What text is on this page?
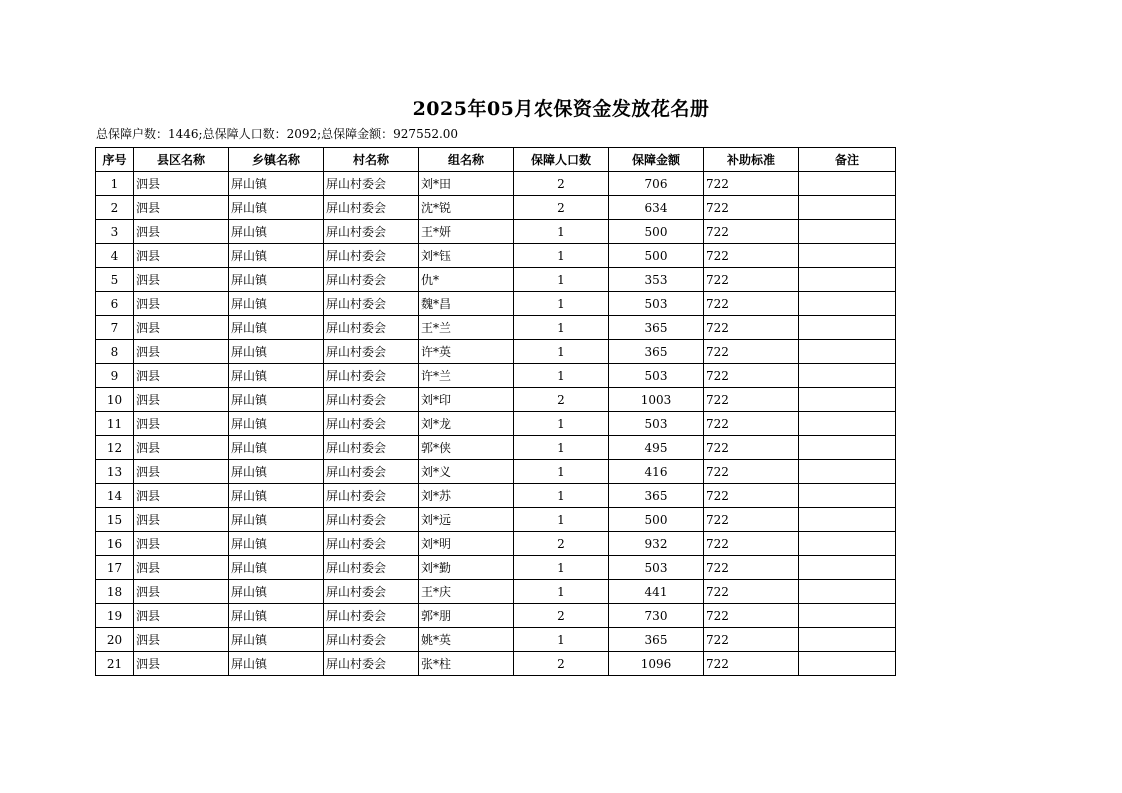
2025年05月农保资金发放花名册
总保障户数：1446;总保障人口数：2092;总保障金额：927552.00
序号	县区名称	乡镇名称	村名称	组名称	保障人口数	保障金额	补助标准	备注
1	泗县	屏山镇	屏山村委会	刘*田	2	706	722	
2	泗县	屏山镇	屏山村委会	沈*锐	2	634	722	
3	泗县	屏山镇	屏山村委会	王*妍	1	500	722	
4	泗县	屏山镇	屏山村委会	刘*钰	1	500	722	
5	泗县	屏山镇	屏山村委会	仇*	1	353	722	
6	泗县	屏山镇	屏山村委会	魏*昌	1	503	722	
7	泗县	屏山镇	屏山村委会	王*兰	1	365	722	
8	泗县	屏山镇	屏山村委会	许*英	1	365	722	
9	泗县	屏山镇	屏山村委会	许*兰	1	503	722	
10	泗县	屏山镇	屏山村委会	刘*印	2	1003	722	
11	泗县	屏山镇	屏山村委会	刘*龙	1	503	722	
12	泗县	屏山镇	屏山村委会	郭*侠	1	495	722	
13	泗县	屏山镇	屏山村委会	刘*义	1	416	722	
14	泗县	屏山镇	屏山村委会	刘*苏	1	365	722	
15	泗县	屏山镇	屏山村委会	刘*远	1	500	722	
16	泗县	屏山镇	屏山村委会	刘*明	2	932	722	
17	泗县	屏山镇	屏山村委会	刘*勤	1	503	722	
18	泗县	屏山镇	屏山村委会	王*庆	1	441	722	
19	泗县	屏山镇	屏山村委会	郭*朋	2	730	722	
20	泗县	屏山镇	屏山村委会	姚*英	1	365	722	
21	泗县	屏山镇	屏山村委会	张*柱	2	1096	722	
